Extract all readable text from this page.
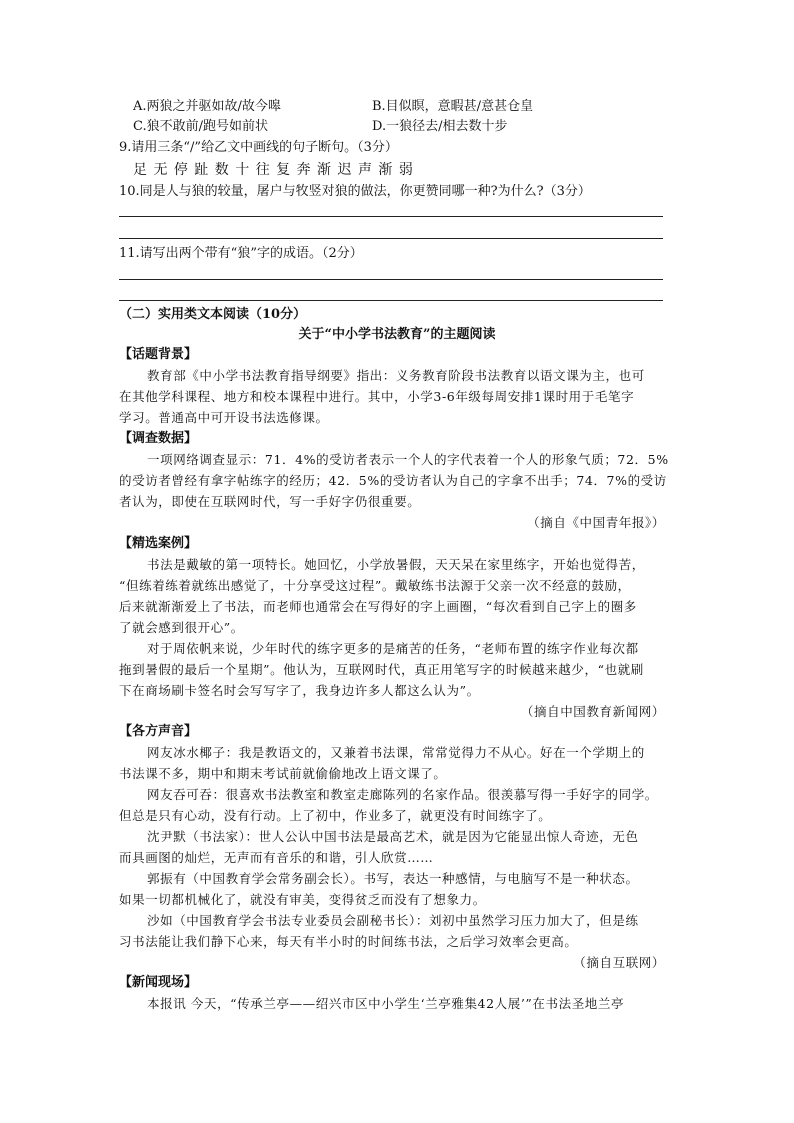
A.两狼之并驱如故/故今嗥	B.目似瞑，意暇甚/意甚仓皇
C.狼不敢前/跑号如前状	D.一狼径去/相去数十步
9.请用三条“/”给乙文中画线的句子断句。（3分）
足 无 停 趾 数 十 往 复 奔 渐 迟 声 渐 弱
10.同是人与狼的较量，屠户与牧竖对狼的做法，你更赞同哪一种?为什么?（3分）
11.请写出两个带有“狼”字的成语。（2分）
（二）实用类文本阅读（10分）
关于“中小学书法教育”的主题阅读
【话题背景】
教育部《中小学书法教育指导纲要》指出：义务教育阶段书法教育以语文课为主，也可
在其他学科课程、地方和校本课程中进行。其中，小学3-6年级每周安排1课时用于毛笔字
学习。普通高中可开设书法选修课。
【调查数据】
一项网络调查显示：71．4%的受访者表示一个人的字代表着一个人的形象气质；72．5%
的受访者曾经有拿字帖练字的经历；42．5%的受访者认为自己的字拿不出手；74．7%的受访
者认为，即使在互联网时代，写一手好字仍很重要。
（摘自《中国青年报》）
【精选案例】
书法是戴敏的第一项特长。她回忆，小学放暑假，天天呆在家里练字，开始也觉得苦，
“但练着练着就练出感觉了，十分享受这过程”。戴敏练书法源于父亲一次不经意的鼓励，
后来就渐渐爱上了书法，而老师也通常会在写得好的字上画圈，“每次看到自己字上的圈多
了就会感到很开心”。
对于周依帆来说，少年时代的练字更多的是痛苦的任务，“老师布置的练字作业每次都
拖到暑假的最后一个星期”。他认为，互联网时代，真正用笔写字的时候越来越少，“也就刷
下在商场刷卡签名时会写写字了，我身边许多人都这么认为”。
（摘自中国教育新闻网）
【各方声音】
网友冰水椰子：我是教语文的，又兼着书法课，常常觉得力不从心。好在一个学期上的
书法课不多，期中和期末考试前就偷偷地改上语文课了。
网友吞可吞：很喜欢书法教室和教室走廊陈列的名家作品。很羡慕写得一手好字的同学。
但总是只有心动，没有行动。上了初中，作业多了，就更没有时间练字了。
沈尹默（书法家）：世人公认中国书法是最高艺术，就是因为它能显出惊人奇迹，无色
而具画图的灿烂，无声而有音乐的和谐，引人欣赏……
郭振有（中国教育学会常务副会长）。书写，表达一种感情，与电脑写不是一种状态。
如果一切都机械化了，就没有审美，变得贫乏而没有了想象力。
沙如（中国教育学会书法专业委员会副秘书长）：刘初中虽然学习压力加大了，但是练
习书法能让我们静下心来，每天有半小时的时间练书法，之后学习效率会更高。
（摘自互联网）
【新闻现场】
本报讯 今天，“传承兰亭——绍兴市区中小学生‘兰亭雅集42人展’”在书法圣地兰亭
